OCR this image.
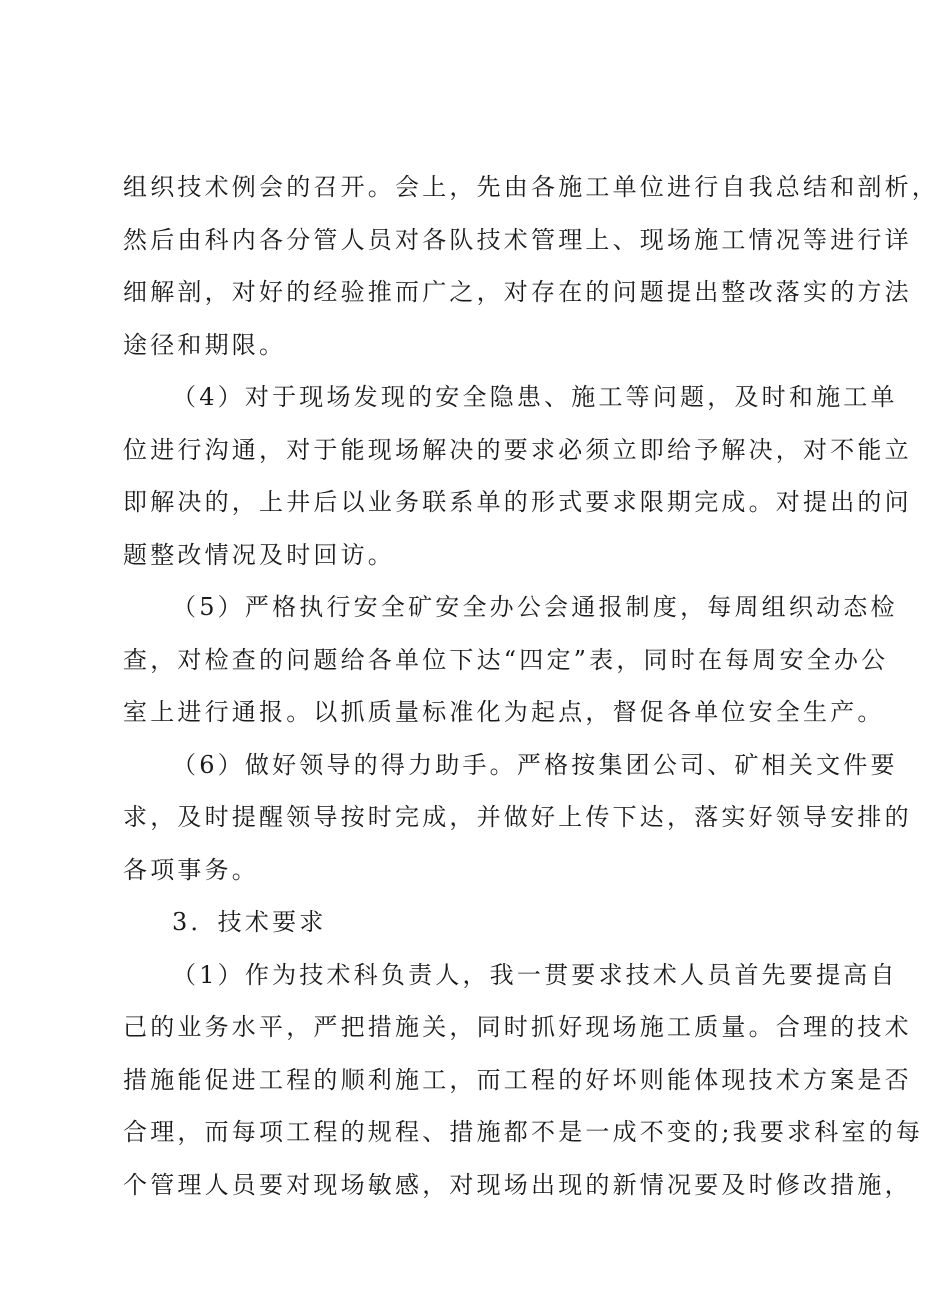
组织技术例会的召开。会上，先由各施工单位进行自我总结和剖析，
然后由科内各分管人员对各队技术管理上、现场施工情况等进行详
细解剖，对好的经验推而广之，对存在的问题提出整改落实的方法
途径和期限。
（4）对于现场发现的安全隐患、施工等问题，及时和施工单
位进行沟通，对于能现场解决的要求必须立即给予解决，对不能立
即解决的，上井后以业务联系单的形式要求限期完成。对提出的问
题整改情况及时回访。
（5）严格执行安全矿安全办公会通报制度，每周组织动态检
查，对检查的问题给各单位下达“四定”表，同时在每周安全办公
室上进行通报。以抓质量标准化为起点，督促各单位安全生产。
（6）做好领导的得力助手。严格按集团公司、矿相关文件要
求，及时提醒领导按时完成，并做好上传下达，落实好领导安排的
各项事务。
3．技术要求
（1）作为技术科负责人，我一贯要求技术人员首先要提高自
己的业务水平，严把措施关，同时抓好现场施工质量。合理的技术
措施能促进工程的顺利施工，而工程的好坏则能体现技术方案是否
合理，而每项工程的规程、措施都不是一成不变的;我要求科室的每
个管理人员要对现场敏感，对现场出现的新情况要及时修改措施，
